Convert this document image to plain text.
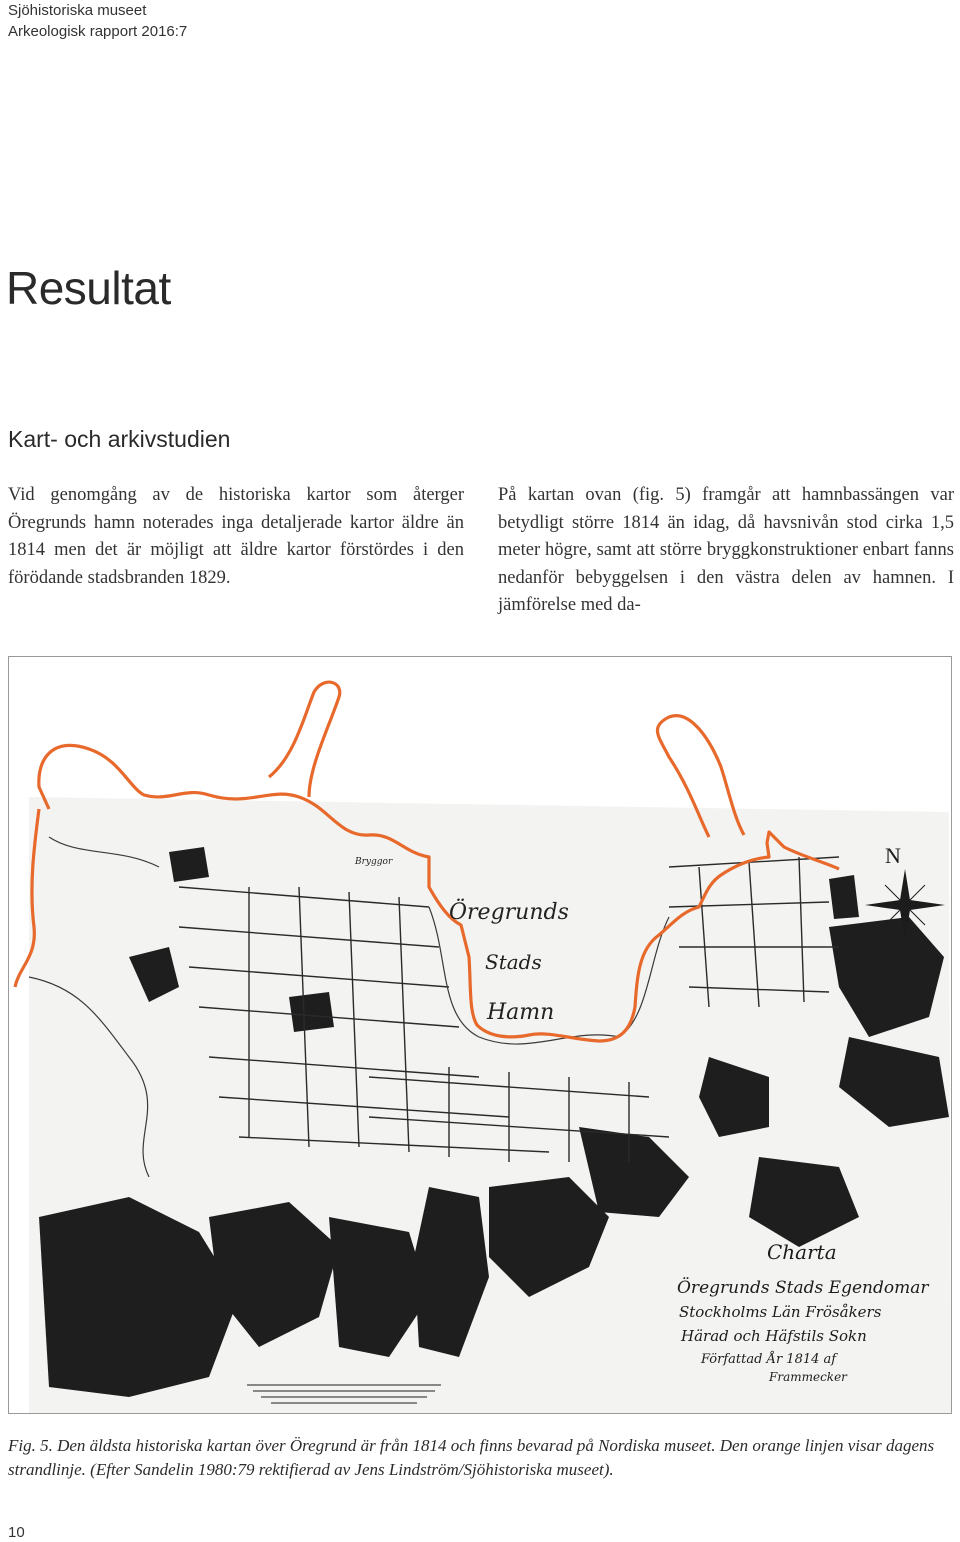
Sjöhistoriska museet
Arkeologisk rapport 2016:7
Resultat
Kart- och arkivstudien
Vid genomgång av de historiska kartor som återger Öregrunds hamn noterades inga detaljerade kartor äldre än 1814 men det är möjligt att äldre kartor förstördes i den förödande stadsbranden 1829.
På kartan ovan (fig. 5) framgår att hamnbassängen var betydligt större 1814 än idag, då havsnivån stod cirka 1,5 meter högre, samt att större bryggkonstruktioner enbart fanns nedanför bebyggelsen i den västra delen av hamnen. I jämförelse med da-
N
Öregrunds
Stads
Hamn
Bryggor
Charta
Öregrunds Stads Egendomar
Stockholms Län Frösåkers
Härad och Häfstils Sokn
Författad År 1814 af
Frammecker
Fig. 5. Den äldsta historiska kartan över Öregrund är från 1814 och finns bevarad på Nordiska museet. Den orange linjen visar dagens strandlinje. (Efter Sandelin 1980:79 rektifierad av Jens Lindström/Sjöhistoriska museet).
10
